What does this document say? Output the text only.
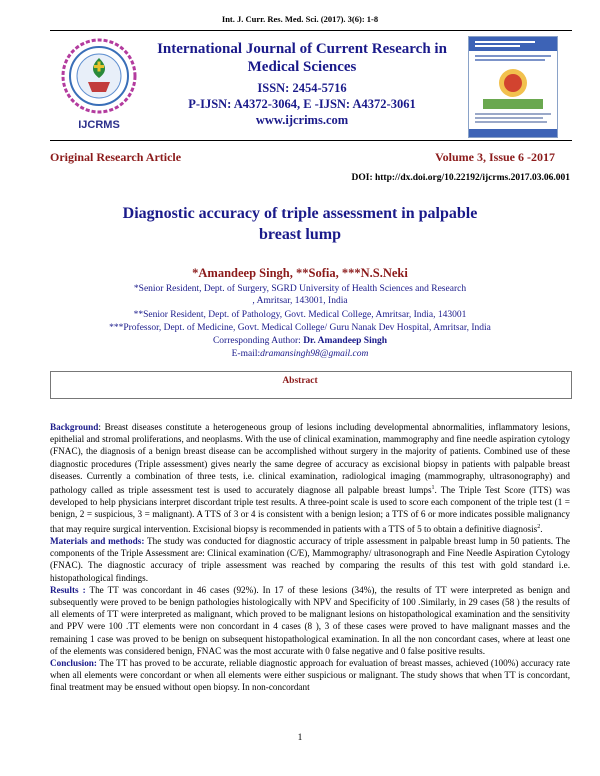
Int. J. Curr. Res. Med. Sci. (2017). 3(6): 1-8
IJCRMS
International Journal of Current Research in Medical Sciences
ISSN: 2454-5716
P-IJSN: A4372-3064, E -IJSN: A4372-3061
www.ijcrims.com
Original Research Article	Volume 3, Issue 6 -2017
DOI: http://dx.doi.org/10.22192/ijcrms.2017.03.06.001
Diagnostic accuracy of triple assessment in palpable
breast lump
*Amandeep Singh, **Sofia, ***N.S.Neki
*Senior Resident, Dept. of Surgery, SGRD University of Health Sciences and Research
, Amritsar, 143001, India
**Senior Resident, Dept. of Pathology, Govt. Medical College, Amritsar, India, 143001
***Professor, Dept. of Medicine, Govt. Medical College/ Guru Nanak Dev Hospital, Amritsar, India
Corresponding Author: Dr. Amandeep Singh
E-mail:dramansingh98@gmail.com
Abstract

Background: Breast diseases constitute a heterogeneous group of lesions including developmental abnormalities, inflammatory lesions, epithelial and stromal proliferations, and neoplasms. With the use of clinical examination, mammography and fine needle aspiration cytology (FNAC), the diagnosis of a benign breast disease can be accomplished without surgery in the majority of patients. Combined use of these diagnostic procedures (Triple assessment) gives nearly the same degree of accuracy as excisional biopsy in patients with palpable breast diseases. Currently a combination of three tests, i.e. clinical examination, radiological imaging (mammography, ultrasonography) and pathology called as triple assessment test is used to accurately diagnose all palpable breast lumps$^1$. The Triple Test Score (TTS) was developed to help physicians interpret discordant triple test results. A three-point scale is used to score each component of the triple test (1 = benign, 2 = suspicious, 3 = malignant). A TTS of 3 or 4 is consistent with a benign lesion; a TTS of 6 or more indicates possible malignancy that may require surgical intervention. Excisional biopsy is recommended in patients with a TTS of 5 to obtain a definitive diagnosis$^2$.

Materials and methods: The study was conducted for diagnostic accuracy of triple assessment in palpable breast lump in 50 patients. The components of the Triple Assessment are: Clinical examination (C/E), Mammography/ ultrasonograph and Fine Needle Aspiration Cytology (FNAC). The diagnostic accuracy of triple assessment was reached by comparing the results of this test with gold standard i.e. histopathological findings.

Results : The TT was concordant in 46 cases (92%). In 17 of these lesions (34%), the results of TT were interpreted as benign and subsequently were proved to be benign pathologies histologically with NPV and Specificity of 100 .Similarly, in 29 cases (58 ) the results of all elements of TT were interpreted as malignant, which proved to be malignant lesions on histopathological examination and the sensitivity and PPV were 100 .TT elements were non concordant in 4 cases (8 ), 3 of these cases were proved to have malignant masses and the remaining 1 case was proved to be benign on subsequent histopathological examination. In all the non concordant cases, where at least one of the elements was considered benign, FNAC was the most accurate with 0 false negative and 0 false positive results.

Conclusion: The TT has proved to be accurate, reliable diagnostic approach for evaluation of breast masses, achieved (100%) accuracy rate when all elements were concordant or when all elements were either suspicious or malignant. The study shows that when TT is concordant, final treatment may be ensued without open biopsy. In non-concordant

1
